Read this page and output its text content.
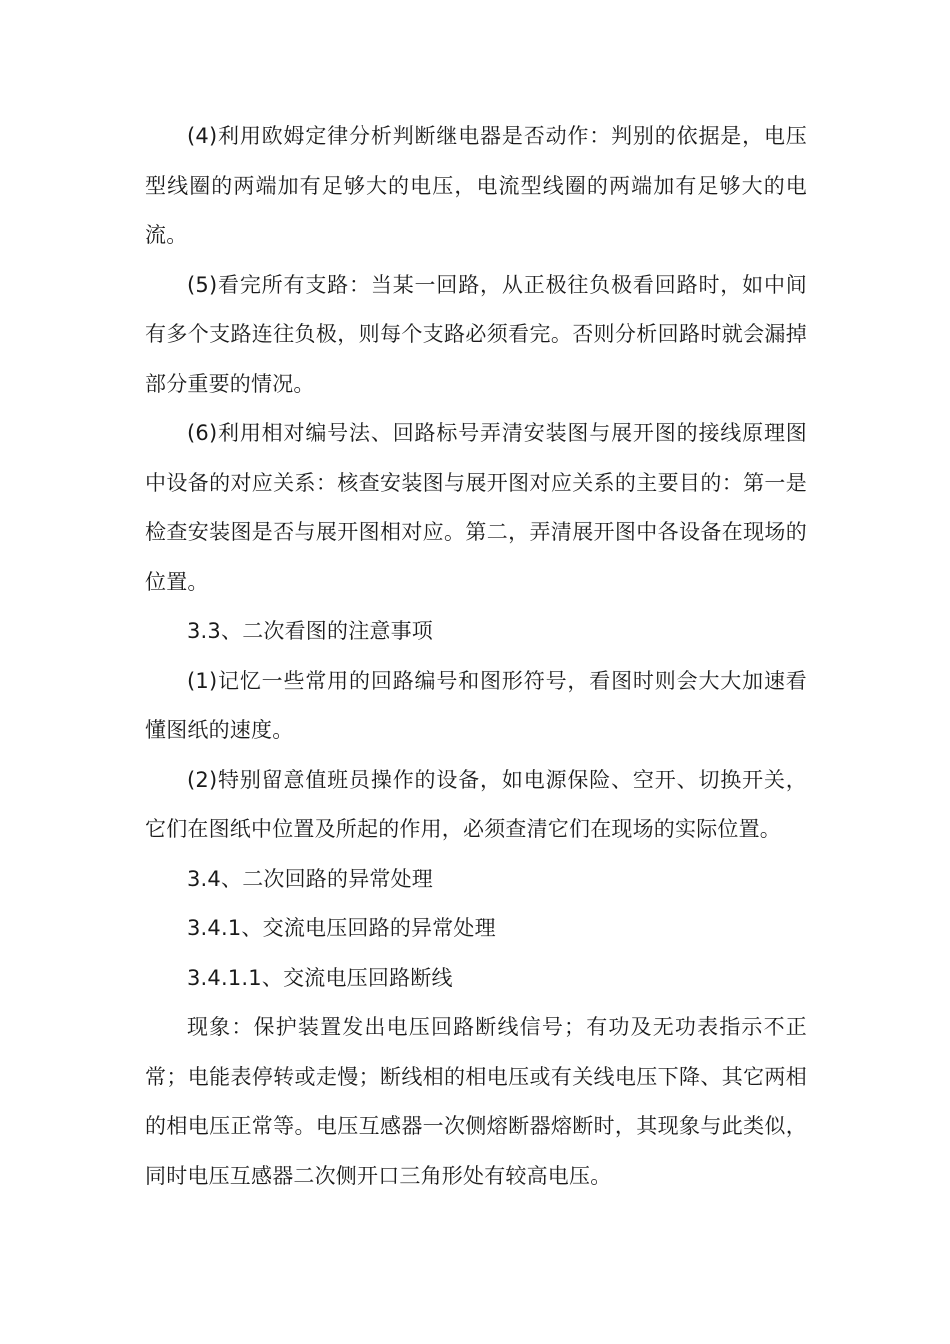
(4)利用欧姆定律分析判断继电器是否动作：判别的依据是，电压型线圈的两端加有足够大的电压，电流型线圈的两端加有足够大的电流。

(5)看完所有支路：当某一回路，从正极往负极看回路时，如中间有多个支路连往负极，则每个支路必须看完。否则分析回路时就会漏掉部分重要的情况。

(6)利用相对编号法、回路标号弄清安装图与展开图的接线原理图中设备的对应关系：核查安装图与展开图对应关系的主要目的：第一是检查安装图是否与展开图相对应。第二，弄清展开图中各设备在现场的位置。

3.3、二次看图的注意事项

(1)记忆一些常用的回路编号和图形符号，看图时则会大大加速看懂图纸的速度。

(2)特别留意值班员操作的设备，如电源保险、空开、切换开关，它们在图纸中位置及所起的作用，必须查清它们在现场的实际位置。

3.4、二次回路的异常处理

3.4.1、交流电压回路的异常处理

3.4.1.1、交流电压回路断线

现象：保护装置发出电压回路断线信号；有功及无功表指示不正常；电能表停转或走慢；断线相的相电压或有关线电压下降、其它两相的相电压正常等。电压互感器一次侧熔断器熔断时，其现象与此类似，同时电压互感器二次侧开口三角形处有较高电压。
